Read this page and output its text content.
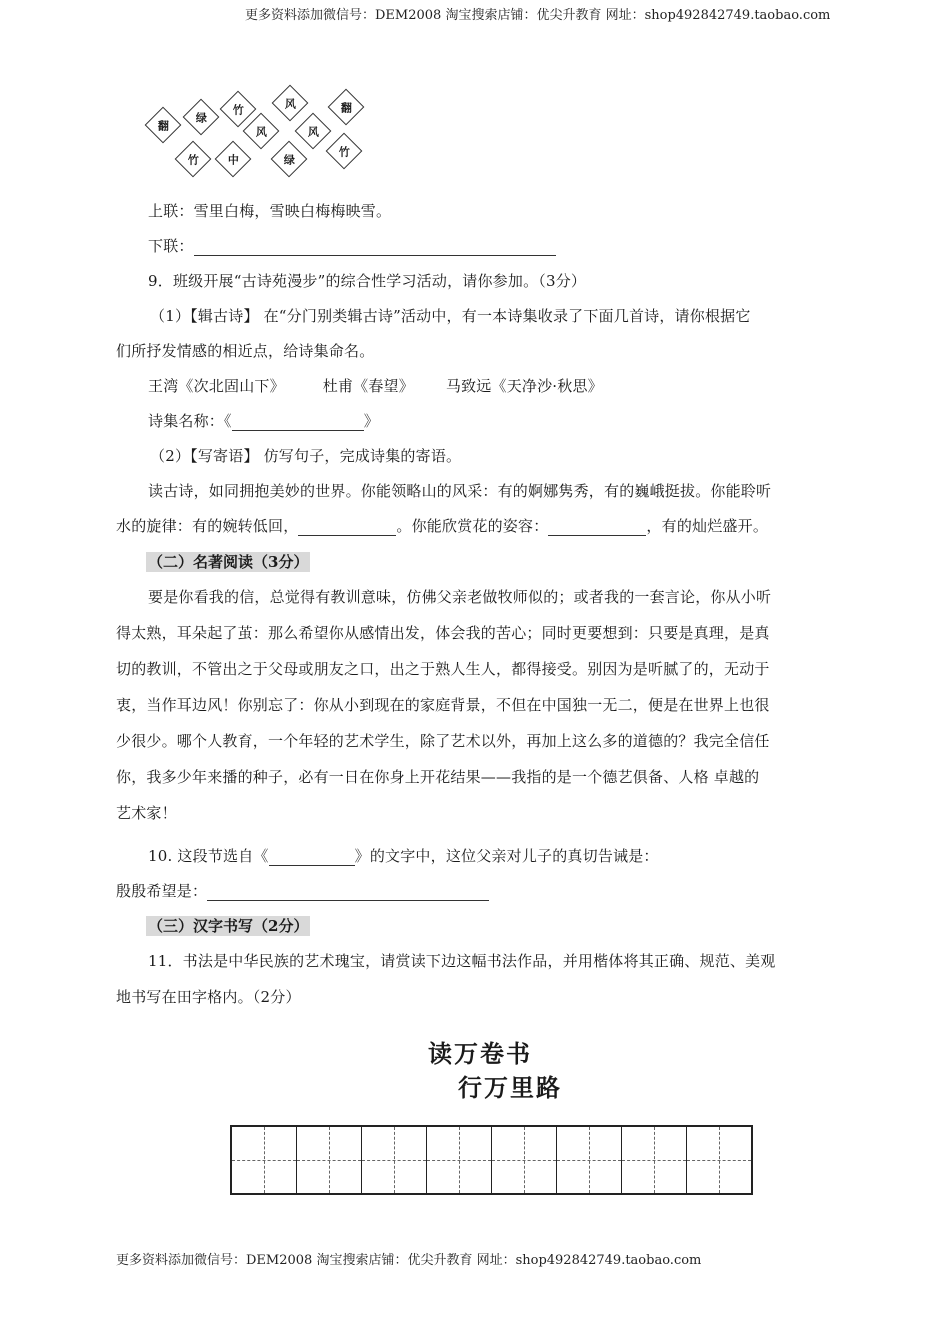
更多资料添加微信号：DEM2008 淘宝搜索店铺：优尖升教育 网址：shop492842749.taobao.com
翻
绿
竹	风	翻
风	风
竹
中	绿
竹
上联：雪里白梅，雪映白梅梅映雪。
下联：
9．班级开展“古诗苑漫步”的综合性学习活动，请你参加。（3分）
（1）【辑古诗】 在“分门别类辑古诗”活动中，有一本诗集收录了下面几首诗，请你根据它
们所抒发情感的相近点，给诗集命名。
王湾《次北固山下》	杜甫《春望》 马致远《天净沙·秋思》
诗集名称：《	》
（2）【写寄语】 仿写句子，完成诗集的寄语。
读古诗，如同拥抱美妙的世界。你能领略山的风采：有的婀娜隽秀，有的巍峨挺拔。你能聆听
水的旋律：有的婉转低回，	。你能欣赏花的姿容：	，有的灿烂盛开。
（二）名著阅读（3分）
要是你看我的信，总觉得有教训意味，仿佛父亲老做牧师似的；或者我的一套言论，你从小听
得太熟，耳朵起了茧：那么希望你从感情出发，体会我的苦心；同时更要想到：只要是真理，是真
切的教训，不管出之于父母或朋友之口，出之于熟人生人，都得接受。别因为是听腻了的，无动于
衷，当作耳边风！你别忘了：你从小到现在的家庭背景，不但在中国独一无二，便是在世界上也很
少很少。哪个人教育，一个年轻的艺术学生，除了艺术以外，再加上这么多的道德的？我完全信任
你，我多少年来播的种子，必有一日在你身上开花结果——我指的是一个德艺俱备、人格 卓越的
艺术家！
10. 这段节选自《	》的文字中，这位父亲对儿子的真切告诫是：
殷殷希望是：
（三）汉字书写（2分）
11．书法是中华民族的艺术瑰宝，请赏读下边这幅书法作品，并用楷体将其正确、规范、美观
地书写在田字格内。（2分）
读万卷书
行万里路
更多资料添加微信号：DEM2008 淘宝搜索店铺：优尖升教育 网址：shop492842749.taobao.com
